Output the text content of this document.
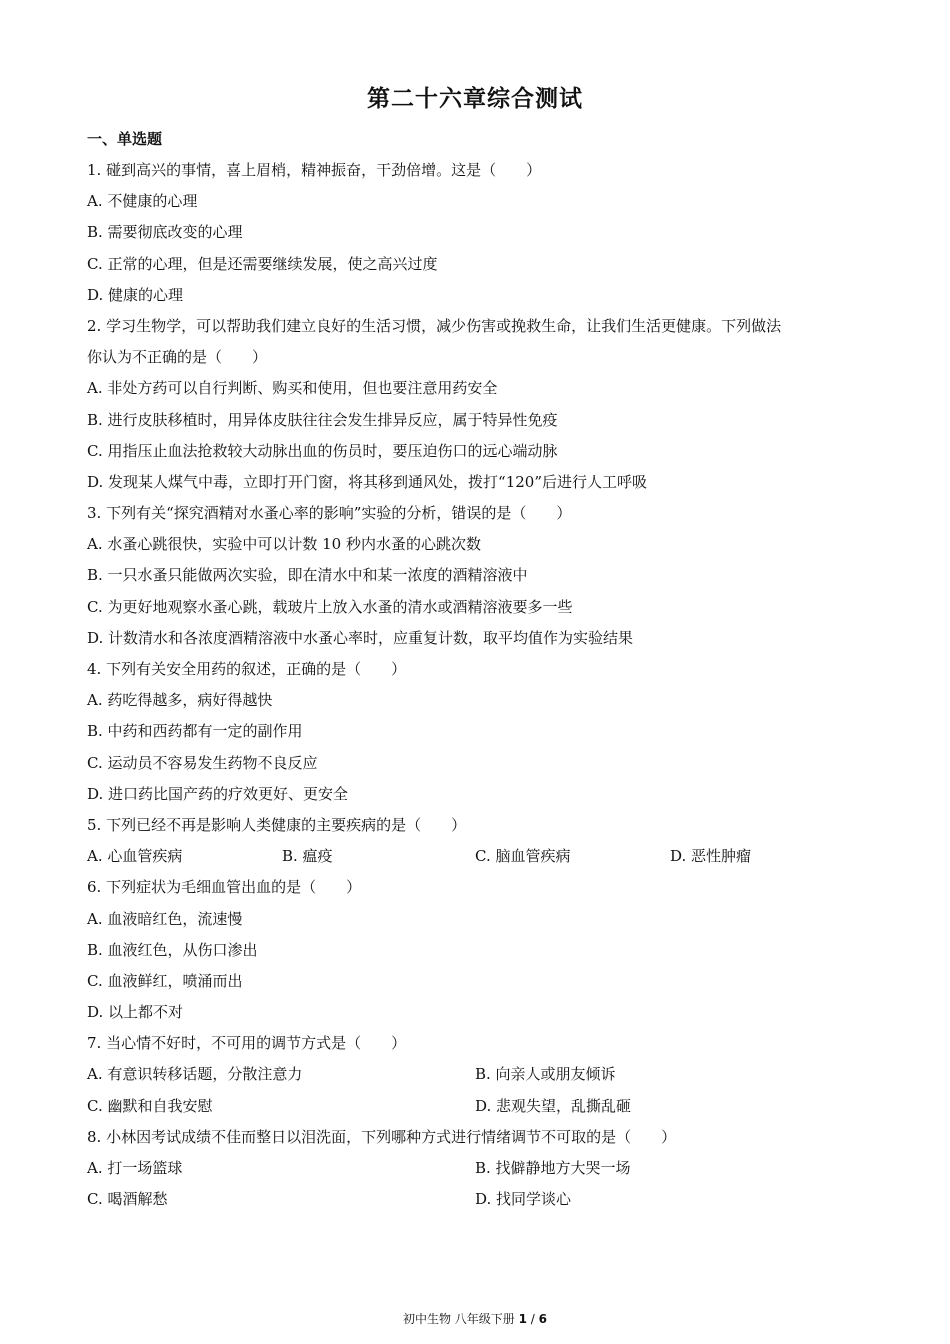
第二十六章综合测试
一、单选题
1. 碰到高兴的事情，喜上眉梢，精神振奋，干劲倍增。这是（　　）
A. 不健康的心理
B. 需要彻底改变的心理
C. 正常的心理，但是还需要继续发展，使之高兴过度
D. 健康的心理
2. 学习生物学，可以帮助我们建立良好的生活习惯，减少伤害或挽救生命，让我们生活更健康。下列做法
你认为不正确的是（　　）
A. 非处方药可以自行判断、购买和使用，但也要注意用药安全
B. 进行皮肤移植时，用异体皮肤往往会发生排异反应，属于特异性免疫
C. 用指压止血法抢救较大动脉出血的伤员时，要压迫伤口的远心端动脉
D. 发现某人煤气中毒，立即打开门窗，将其移到通风处，拨打“120”后进行人工呼吸
3. 下列有关“探究酒精对水蚤心率的影响”实验的分析，错误的是（　　）
A. 水蚤心跳很快，实验中可以计数 10 秒内水蚤的心跳次数
B. 一只水蚤只能做两次实验，即在清水中和某一浓度的酒精溶液中
C. 为更好地观察水蚤心跳，载玻片上放入水蚤的清水或酒精溶液要多一些
D. 计数清水和各浓度酒精溶液中水蚤心率时，应重复计数，取平均值作为实验结果
4. 下列有关安全用药的叙述，正确的是（　　）
A. 药吃得越多，病好得越快
B. 中药和西药都有一定的副作用
C. 运动员不容易发生药物不良反应
D. 进口药比国产药的疗效更好、更安全
5. 下列已经不再是影响人类健康的主要疾病的是（　　）
A. 心血管疾病	B. 瘟疫	C. 脑血管疾病	D. 恶性肿瘤
6. 下列症状为毛细血管出血的是（　　）
A. 血液暗红色，流速慢
B. 血液红色，从伤口渗出
C. 血液鲜红，喷涌而出
D. 以上都不对
7. 当心情不好时，不可用的调节方式是（　　）
A. 有意识转移话题，分散注意力	B. 向亲人或朋友倾诉
C. 幽默和自我安慰	D. 悲观失望，乱撕乱砸
8. 小林因考试成绩不佳而整日以泪洗面，下列哪种方式进行情绪调节不可取的是（　　）
A. 打一场篮球	B. 找僻静地方大哭一场
C. 喝酒解愁	D. 找同学谈心
初中生物 八年级下册 1 / 6
